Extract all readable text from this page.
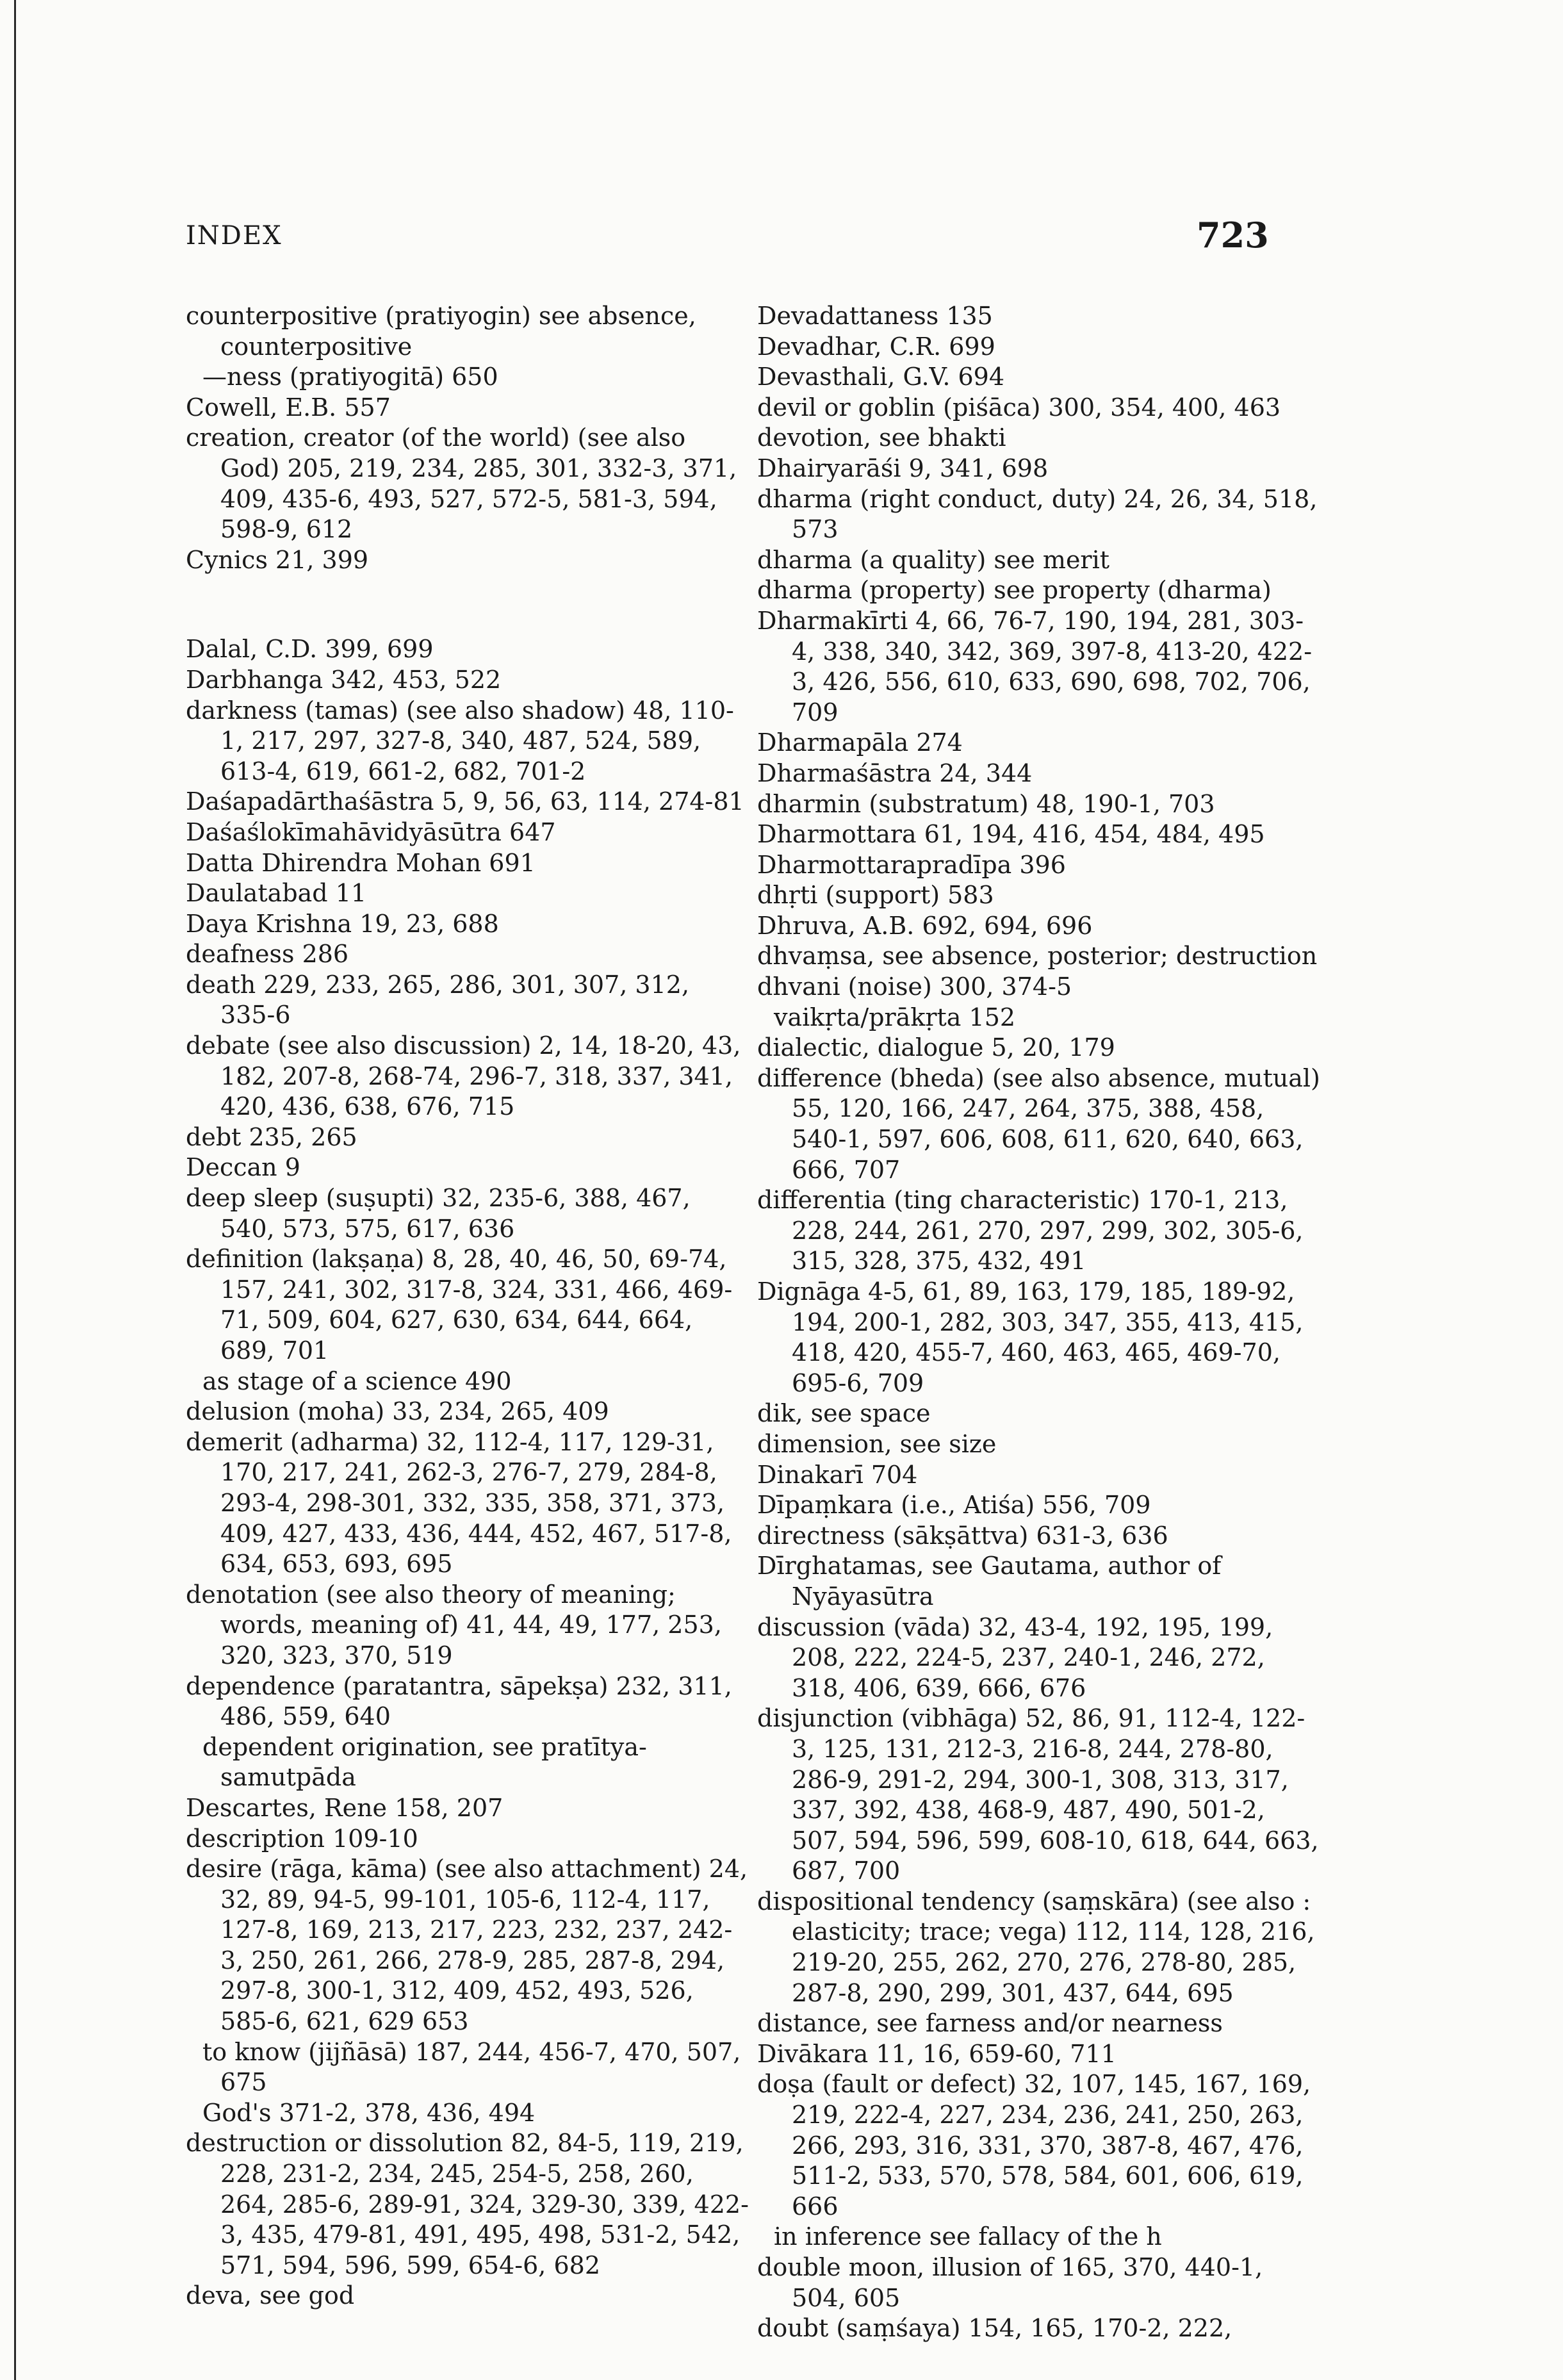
INDEX	723
counterpositive (pratiyogin) see absence, counterpositive
—ness (pratiyogitā) 650
Cowell, E.B. 557
creation, creator (of the world) (see also God) 205, 219, 234, 285, 301, 332-3, 371, 409, 435-6, 493, 527, 572-5, 581-3, 594, 598-9, 612
Cynics 21, 399
Dalal, C.D. 399, 699
Darbhanga 342, 453, 522
darkness (tamas) (see also shadow) 48, 110-1, 217, 297, 327-8, 340, 487, 524, 589, 613-4, 619, 661-2, 682, 701-2
Daśapadārthaśāstra 5, 9, 56, 63, 114, 274-81
Daśaślokīmahāvidyāsūtra 647
Datta Dhirendra Mohan 691
Daulatabad 11
Daya Krishna 19, 23, 688
deafness 286
death 229, 233, 265, 286, 301, 307, 312, 335-6
debate (see also discussion) 2, 14, 18-20, 43, 182, 207-8, 268-74, 296-7, 318, 337, 341, 420, 436, 638, 676, 715
debt 235, 265
Deccan 9
deep sleep (suṣupti) 32, 235-6, 388, 467, 540, 573, 575, 617, 636
definition (lakṣaṇa) 8, 28, 40, 46, 50, 69-74, 157, 241, 302, 317-8, 324, 331, 466, 469-71, 509, 604, 627, 630, 634, 644, 664, 689, 701
as stage of a science 490
delusion (moha) 33, 234, 265, 409
demerit (adharma) 32, 112-4, 117, 129-31, 170, 217, 241, 262-3, 276-7, 279, 284-8, 293-4, 298-301, 332, 335, 358, 371, 373, 409, 427, 433, 436, 444, 452, 467, 517-8, 634, 653, 693, 695
denotation (see also theory of meaning; words, meaning of) 41, 44, 49, 177, 253, 320, 323, 370, 519
dependence (paratantra, sāpekṣa) 232, 311, 486, 559, 640
dependent origination, see pratītya-samutpāda
Descartes, Rene 158, 207
description 109-10
desire (rāga, kāma) (see also attachment) 24, 32, 89, 94-5, 99-101, 105-6, 112-4, 117, 127-8, 169, 213, 217, 223, 232, 237, 242-3, 250, 261, 266, 278-9, 285, 287-8, 294, 297-8, 300-1, 312, 409, 452, 493, 526, 585-6, 621, 629 653
to know (jijñāsā) 187, 244, 456-7, 470, 507, 675
God's 371-2, 378, 436, 494
destruction or dissolution 82, 84-5, 119, 219, 228, 231-2, 234, 245, 254-5, 258, 260, 264, 285-6, 289-91, 324, 329-30, 339, 422-3, 435, 479-81, 491, 495, 498, 531-2, 542, 571, 594, 596, 599, 654-6, 682
deva, see god
Devadattaness 135
Devadhar, C.R. 699
Devasthali, G.V. 694
devil or goblin (piśāca) 300, 354, 400, 463
devotion, see bhakti
Dhairyarāśi 9, 341, 698
dharma (right conduct, duty) 24, 26, 34, 518, 573
dharma (a quality) see merit
dharma (property) see property (dharma)
Dharmakīrti 4, 66, 76-7, 190, 194, 281, 303-4, 338, 340, 342, 369, 397-8, 413-20, 422-3, 426, 556, 610, 633, 690, 698, 702, 706, 709
Dharmapāla 274
Dharmaśāstra 24, 344
dharmin (substratum) 48, 190-1, 703
Dharmottara 61, 194, 416, 454, 484, 495
Dharmottarapradīpa 396
dhṛti (support) 583
Dhruva, A.B. 692, 694, 696
dhvaṃsa, see absence, posterior; destruction
dhvani (noise) 300, 374-5
vaikṛta/prākṛta 152
dialectic, dialogue 5, 20, 179
difference (bheda) (see also absence, mutual) 55, 120, 166, 247, 264, 375, 388, 458, 540-1, 597, 606, 608, 611, 620, 640, 663, 666, 707
differentia (ting characteristic) 170-1, 213, 228, 244, 261, 270, 297, 299, 302, 305-6, 315, 328, 375, 432, 491
Dignāga 4-5, 61, 89, 163, 179, 185, 189-92, 194, 200-1, 282, 303, 347, 355, 413, 415, 418, 420, 455-7, 460, 463, 465, 469-70, 695-6, 709
dik, see space
dimension, see size
Dinakarī 704
Dīpaṃkara (i.e., Atiśa) 556, 709
directness (sākṣāttva) 631-3, 636
Dīrghatamas, see Gautama, author of Nyāyasūtra
discussion (vāda) 32, 43-4, 192, 195, 199, 208, 222, 224-5, 237, 240-1, 246, 272, 318, 406, 639, 666, 676
disjunction (vibhāga) 52, 86, 91, 112-4, 122-3, 125, 131, 212-3, 216-8, 244, 278-80, 286-9, 291-2, 294, 300-1, 308, 313, 317, 337, 392, 438, 468-9, 487, 490, 501-2, 507, 594, 596, 599, 608-10, 618, 644, 663, 687, 700
dispositional tendency (saṃskāra) (see also : elasticity; trace; vega) 112, 114, 128, 216, 219-20, 255, 262, 270, 276, 278-80, 285, 287-8, 290, 299, 301, 437, 644, 695
distance, see farness and/or nearness
Divākara 11, 16, 659-60, 711
doṣa (fault or defect) 32, 107, 145, 167, 169, 219, 222-4, 227, 234, 236, 241, 250, 263, 266, 293, 316, 331, 370, 387-8, 467, 476, 511-2, 533, 570, 578, 584, 601, 606, 619, 666
in inference see fallacy of the h
double moon, illusion of 165, 370, 440-1, 504, 605
doubt (saṃśaya) 154, 165, 170-2, 222,
